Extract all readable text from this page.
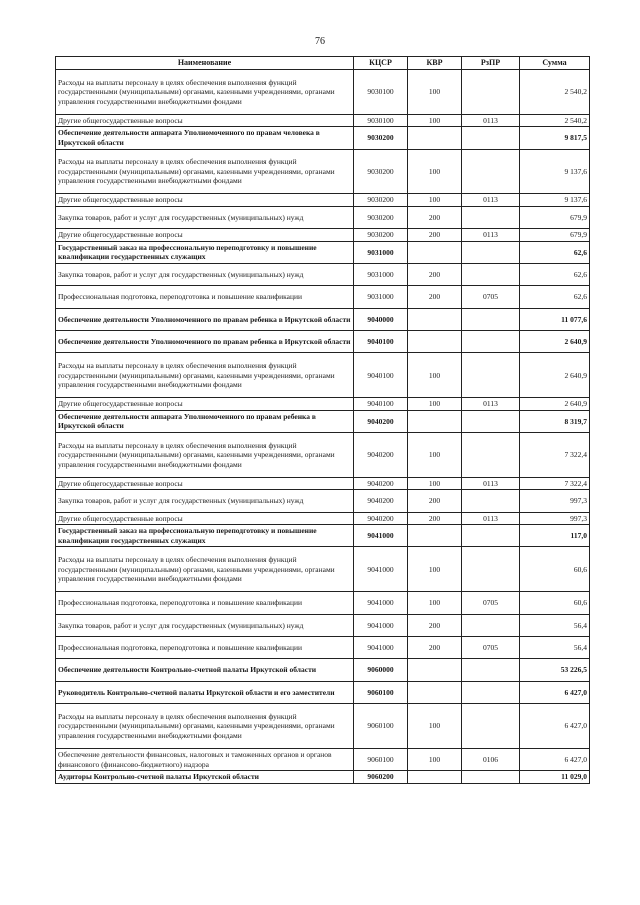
76
Наименование	КЦСР	КВР	РзПР	Сумма
Расходы на выплаты персоналу в целях обеспечения выполнения функций государственными (муниципальными) органами, казенными учреждениями, органами управления государственными внебюджетными фондами	9030100	100		2 540,2
Другие общегосударственные вопросы	9030100	100	0113	2 540,2
Обеспечение деятельности аппарата Уполномоченного по правам человека в Иркутской области	9030200			9 817,5
Расходы на выплаты персоналу в целях обеспечения выполнения функций государственными (муниципальными) органами, казенными учреждениями, органами управления государственными внебюджетными фондами	9030200	100		9 137,6
Другие общегосударственные вопросы	9030200	100	0113	9 137,6
Закупка товаров, работ и услуг для государственных (муниципальных) нужд	9030200	200		679,9
Другие общегосударственные вопросы	9030200	200	0113	679,9
Государственный заказ на профессиональную переподготовку и повышение квалификации государственных служащих	9031000			62,6
Закупка товаров, работ и услуг для государственных (муниципальных) нужд	9031000	200		62,6
Профессиональная подготовка, переподготовка и повышение квалификации	9031000	200	0705	62,6
Обеспечение деятельности Уполномоченного по правам ребенка в Иркутской области	9040000			11 077,6
Обеспечение деятельности Уполномоченного по правам ребенка в Иркутской области	9040100			2 640,9
Расходы на выплаты персоналу в целях обеспечения выполнения функций государственными (муниципальными) органами, казенными учреждениями, органами управления государственными внебюджетными фондами	9040100	100		2 640,9
Другие общегосударственные вопросы	9040100	100	0113	2 640,9
Обеспечение деятельности аппарата Уполномоченного по правам ребенка в Иркутской области	9040200			8 319,7
Расходы на выплаты персоналу в целях обеспечения выполнения функций государственными (муниципальными) органами, казенными учреждениями, органами управления государственными внебюджетными фондами	9040200	100		7 322,4
Другие общегосударственные вопросы	9040200	100	0113	7 322,4
Закупка товаров, работ и услуг для государственных (муниципальных) нужд	9040200	200		997,3
Другие общегосударственные вопросы	9040200	200	0113	997,3
Государственный заказ на профессиональную переподготовку и повышение квалификации государственных служащих	9041000			117,0
Расходы на выплаты персоналу в целях обеспечения выполнения функций государственными (муниципальными) органами, казенными учреждениями, органами управления государственными внебюджетными фондами	9041000	100		60,6
Профессиональная подготовка, переподготовка и повышение квалификации	9041000	100	0705	60,6
Закупка товаров, работ и услуг для государственных (муниципальных) нужд	9041000	200		56,4
Профессиональная подготовка, переподготовка и повышение квалификации	9041000	200	0705	56,4
Обеспечение деятельности Контрольно-счетной палаты Иркутской области	9060000			53 226,5
Руководитель Контрольно-счетной палаты Иркутской области и его заместители	9060100			6 427,0
Расходы на выплаты персоналу в целях обеспечения выполнения функций государственными (муниципальными) органами, казенными учреждениями, органами управления государственными внебюджетными фондами	9060100	100		6 427,0
Обеспечение деятельности финансовых, налоговых и таможенных органов и органов финансового (финансово-бюджетного) надзора	9060100	100	0106	6 427,0
Аудиторы Контрольно-счетной палаты Иркутской области	9060200			11 029,0
